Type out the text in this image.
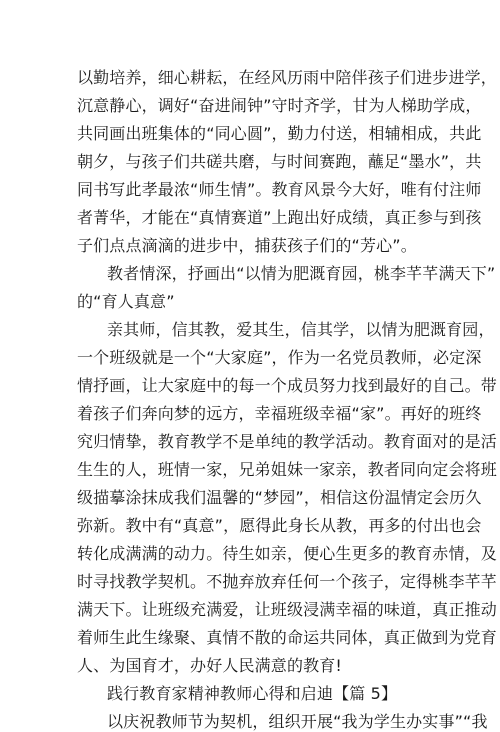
以勤培养，细心耕耘，在经风历雨中陪伴孩子们进步进学，
沉意静心，调好“奋进闹钟”守时齐学，甘为人梯助学成，
共同画出班集体的“同心圆”，勤力付送，相辅相成，共此
朝夕，与孩子们共磋共磨，与时间赛跑，蘸足“墨水”，共
同书写此孝最浓“师生情”。教育风景今大好，唯有付注师
者菁华，才能在“真情赛道”上跑出好成绩，真正参与到孩
子们点点滴滴的进步中，捕获孩子们的“芳心”。
教者情深，抒画出“以情为肥溉育园，桃李芊芊满天下”
的“育人真意”
亲其师，信其教，爱其生，信其学，以情为肥溉育园，
一个班级就是一个“大家庭”，作为一名党员教师，必定深
情抒画，让大家庭中的每一个成员努力找到最好的自己。带
着孩子们奔向梦的远方，幸福班级幸福“家”。再好的班终
究归情挚，教育教学不是单纯的教学活动。教育面对的是活
生生的人，班情一家，兄弟姐妹一家亲，教者同向定会将班
级描摹涂抹成我们温馨的“梦园”，相信这份温情定会历久
弥新。教中有“真意”，愿得此身长从教，再多的付出也会
转化成满满的动力。待生如亲，便心生更多的教育赤情，及
时寻找教学契机。不抛弃放弃任何一个孩子，定得桃李芊芊
满天下。让班级充满爱，让班级浸满幸福的味道，真正推动
着师生此生缘聚、真情不散的命运共同体，真正做到为党育
人、为国育才，办好人民满意的教育!
践行教育家精神教师心得和启迪【篇 5】
以庆祝教师节为契机，组织开展“我为学生办实事”“我
